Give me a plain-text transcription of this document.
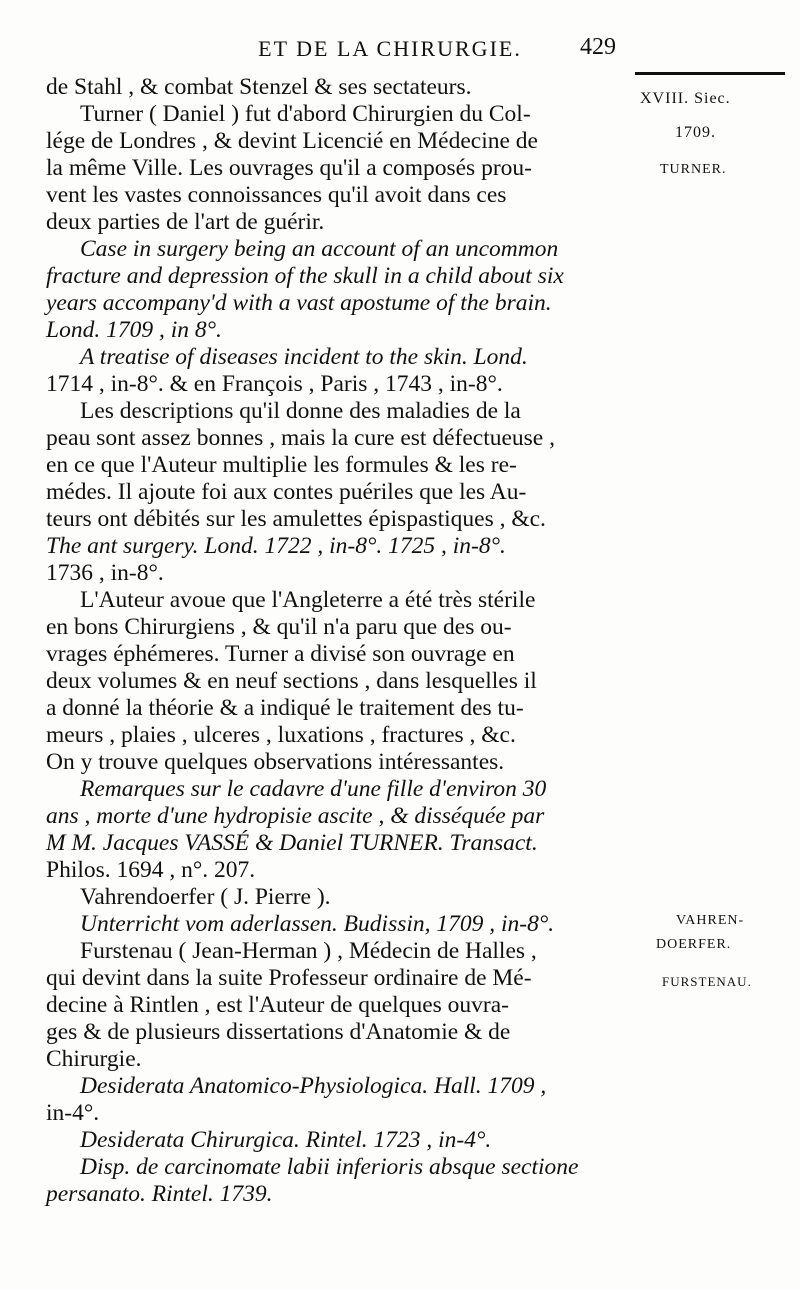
ET DE LA CHIRURGIE.	429
XVIII. Siec.
1709.
TURNER.
VAHREN-
DOERFER.
FURSTENAU.
de Stahl , & combat Stenzel & ses sectateurs.
Turner ( Daniel ) fut d'abord Chirurgien du Col-
lége de Londres , & devint Licencié en Médecine de
la même Ville. Les ouvrages qu'il a composés prou-
vent les vastes connoissances qu'il avoit dans ces
deux parties de l'art de guérir.
Case in surgery being an account of an uncommon
fracture and depression of the skull in a child about six
years accompany'd with a vast apostume of the brain.
Lond. 1709 , in 8°.
A treatise of diseases incident to the skin. Lond.
1714 , in-8°. & en François , Paris , 1743 , in-8°.
Les descriptions qu'il donne des maladies de la
peau sont assez bonnes , mais la cure est défectueuse ,
en ce que l'Auteur multiplie les formules & les re-
médes. Il ajoute foi aux contes puériles que les Au-
teurs ont débités sur les amulettes épispastiques , &c.
The ant surgery. Lond. 1722 , in-8°. 1725 , in-8°.
1736 , in-8°.
L'Auteur avoue que l'Angleterre a été très stérile
en bons Chirurgiens , & qu'il n'a paru que des ou-
vrages éphémeres. Turner a divisé son ouvrage en
deux volumes & en neuf sections , dans lesquelles il
a donné la théorie & a indiqué le traitement des tu-
meurs , plaies , ulceres , luxations , fractures , &c.
On y trouve quelques observations intéressantes.
Remarques sur le cadavre d'une fille d'environ 30
ans , morte d'une hydropisie ascite , & disséquée par
M M. Jacques VASSÉ & Daniel TURNER. Transact.
Philos. 1694 , n°. 207.
Vahrendoerfer ( J. Pierre ).
Unterricht vom aderlassen. Budissin, 1709 , in-8°.
Furstenau ( Jean-Herman ) , Médecin de Halles ,
qui devint dans la suite Professeur ordinaire de Mé-
decine à Rintlen , est l'Auteur de quelques ouvra-
ges & de plusieurs dissertations d'Anatomie & de
Chirurgie.
Desiderata Anatomico-Physiologica. Hall. 1709 ,
in-4°.
Desiderata Chirurgica. Rintel. 1723 , in-4°.
Disp. de carcinomate labii inferioris absque sectione
persanato. Rintel. 1739.
